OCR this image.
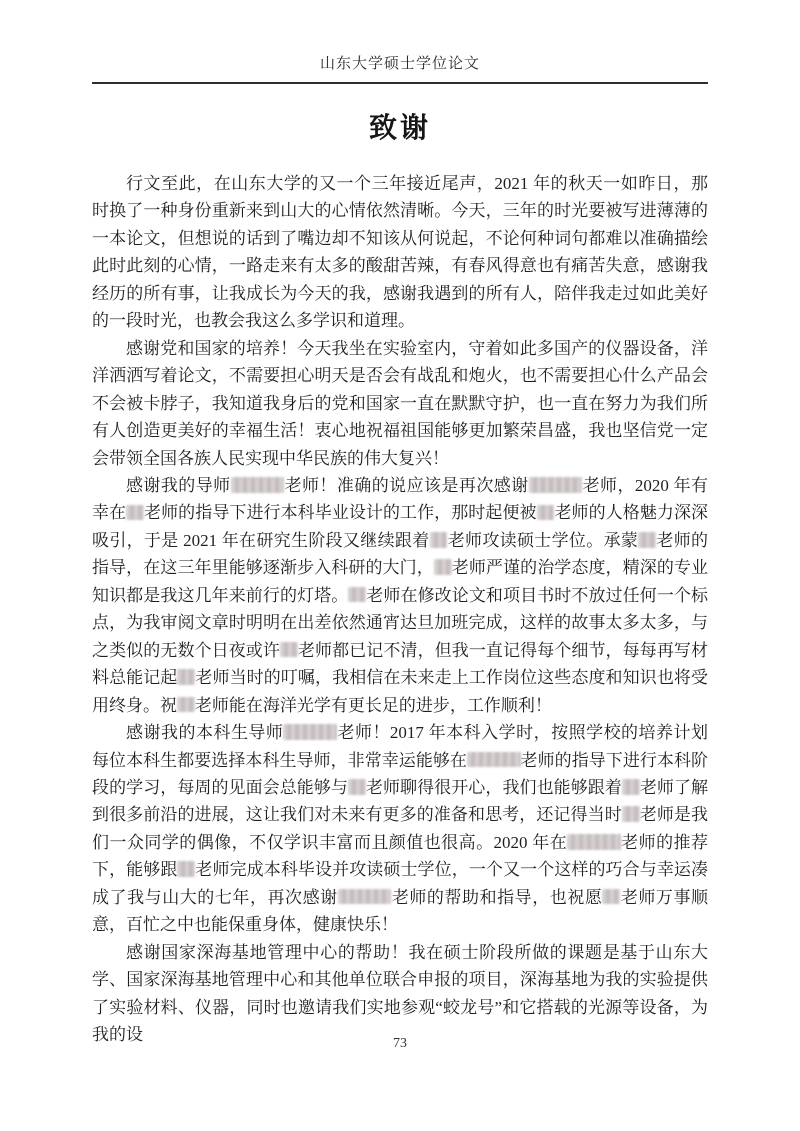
山东大学硕士学位论文
致谢

行文至此，在山东大学的又一个三年接近尾声，2021 年的秋天一如昨日，那时换了一种身份重新来到山大的心情依然清晰。今天，三年的时光要被写进薄薄的一本论文，但想说的话到了嘴边却不知该从何说起，不论何种词句都难以准确描绘此时此刻的心情，一路走来有太多的酸甜苦辣，有春风得意也有痛苦失意，感谢我经历的所有事，让我成长为今天的我，感谢我遇到的所有人，陪伴我走过如此美好的一段时光，也教会我这么多学识和道理。

感谢党和国家的培养！今天我坐在实验室内，守着如此多国产的仪器设备，洋洋洒洒写着论文，不需要担心明天是否会有战乱和炮火，也不需要担心什么产品会不会被卡脖子，我知道我身后的党和国家一直在默默守护，也一直在努力为我们所有人创造更美好的幸福生活！衷心地祝福祖国能够更加繁荣昌盛，我也坚信党一定会带领全国各族人民实现中华民族的伟大复兴！

感谢我的导师	老师！准确的说应该是再次感谢	老师，2020 年有幸在 老师的指导下进行本科毕业设计的工作，那时起便被 老师的人格魅力深深吸引，于是 2021 年在研究生阶段又继续跟着 老师攻读硕士学位。承蒙 老师的指导，在这三年里能够逐渐步入科研的大门， 老师严谨的治学态度，精深的专业知识都是我这几年来前行的灯塔。 老师在修改论文和项目书时不放过任何一个标点，为我审阅文章时明明在出差依然通宵达旦加班完成，这样的故事太多太多，与之类似的无数个日夜或许 老师都已记不清，但我一直记得每个细节，每每再写材料总能记起 老师当时的叮嘱，我相信在未来走上工作岗位这些态度和知识也将受用终身。祝 老师能在海洋光学有更长足的进步，工作顺利！

感谢我的本科生导师	老师！2017 年本科入学时，按照学校的培养计划每位本科生都要选择本科生导师，非常幸运能够在	老师的指导下进行本科阶段的学习，每周的见面会总能够与 老师聊得很开心，我们也能够跟着 老师了解到很多前沿的进展，这让我们对未来有更多的准备和思考，还记得当时 老师是我们一众同学的偶像，不仅学识丰富而且颜值也很高。2020 年在	老师的推荐下，能够跟 老师完成本科毕设并攻读硕士学位，一个又一个这样的巧合与幸运凑成了我与山大的七年，再次感谢	老师的帮助和指导，也祝愿 老师万事顺意，百忙之中也能保重身体，健康快乐！

感谢国家深海基地管理中心的帮助！我在硕士阶段所做的课题是基于山东大学、国家深海基地管理中心和其他单位联合申报的项目，深海基地为我的实验提供了实验材料、仪器，同时也邀请我们实地参观“蛟龙号”和它搭载的光源等设备，为我的设	73
